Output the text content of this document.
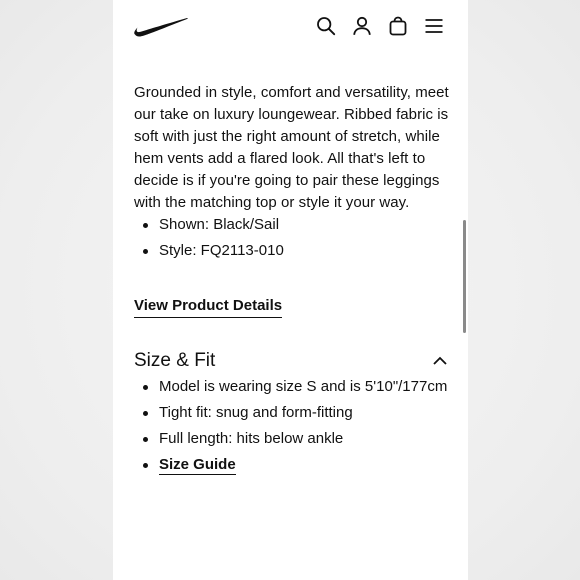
Grounded in style, comfort and versatility, meet our take on luxury loungewear. Ribbed fabric is soft with just the right amount of stretch, while hem vents add a flared look. All that's left to decide is if you're going to pair these leggings with the matching top or style it your way.

Shown: Black/Sail
Style: FQ2113-010
View Product Details
Size & Fit
Model is wearing size S and is 5'10"/177cm
Tight fit: snug and form-fitting
Full length: hits below ankle
Size Guide
